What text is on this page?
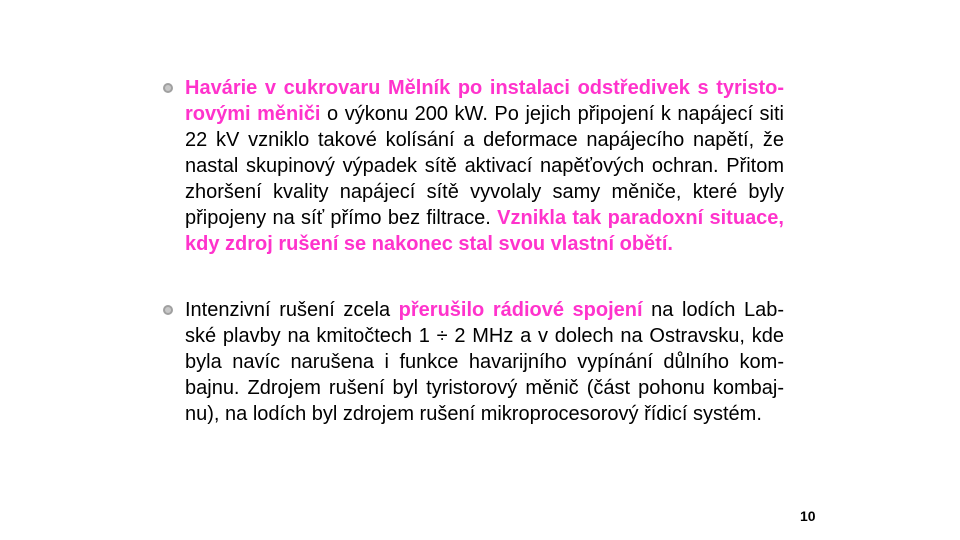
Havárie v cukrovaru Mělník po instalaci odstředivek s tyristo-rovými měniči o výkonu 200 kW. Po jejich připojení k napájecí siti 22 kV vzniklo takové kolísání a deformace napájecího napětí, že nastal skupinový výpadek sítě aktivací napěťových ochran. Přitom zhoršení kvality napájecí sítě vyvolaly samy měniče, které byly připojeny na síť přímo bez filtrace. Vznikla tak paradoxní situace, kdy zdroj rušení se nakonec stal svou vlastní obětí.
Intenzivní rušení zcela přerušilo rádiové spojení na lodích Lab-ské plavby na kmitočtech 1 ÷ 2 MHz a v dolech na Ostravsku, kde byla navíc narušena i funkce havarijního vypínání důlního kom-bajnu. Zdrojem rušení byl tyristorový měnič (část pohonu kombaj-nu), na lodích byl zdrojem rušení mikroprocesorový řídicí systém.
10
